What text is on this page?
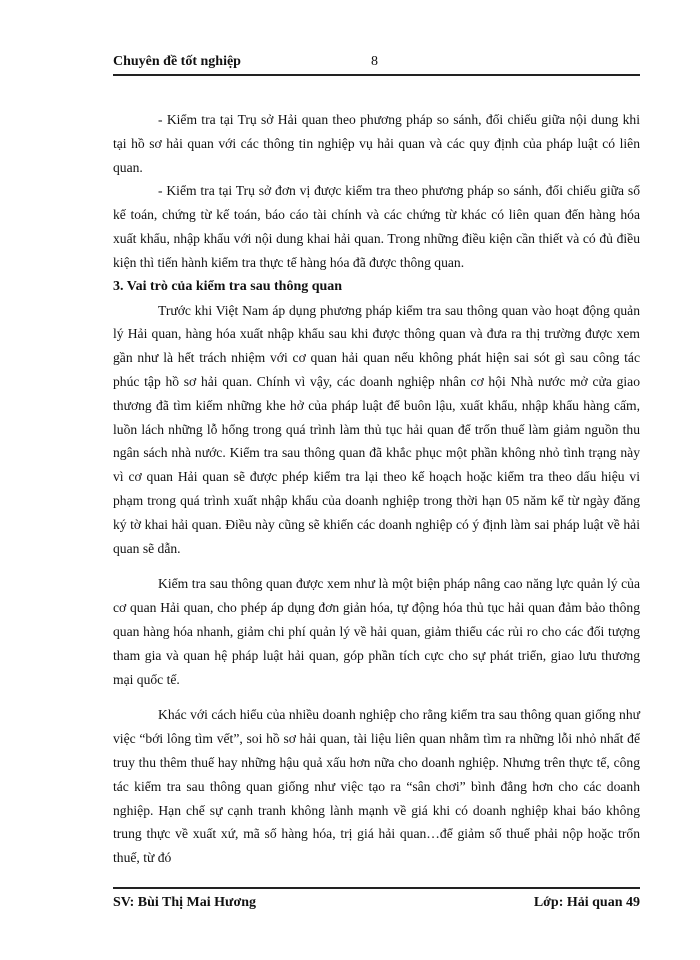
Chuyên đề tốt nghiệp	8

- Kiểm tra tại Trụ sở Hải quan theo phương pháp so sánh, đối chiếu giữa nội dung khi tại hồ sơ hải quan với các thông tin nghiệp vụ hải quan và các quy định của pháp luật có liên quan.

- Kiểm tra tại Trụ sở đơn vị được kiểm tra theo phương pháp so sánh, đối chiếu giữa sổ kế toán, chứng từ kế toán, báo cáo tài chính và các chứng từ khác có liên quan đến hàng hóa xuất khẩu, nhập khẩu với nội dung khai hải quan. Trong những điều kiện cần thiết và có đủ điều kiện thì tiến hành kiểm tra thực tế hàng hóa đã được thông quan.

3. Vai trò của kiểm tra sau thông quan

Trước khi Việt Nam áp dụng phương pháp kiểm tra sau thông quan vào hoạt động quản lý Hải quan, hàng hóa xuất nhập khẩu sau khi được thông quan và đưa ra thị trường được xem gần như là hết trách nhiệm với cơ quan hải quan nếu không phát hiện sai sót gì sau công tác phúc tập hồ sơ hải quan. Chính vì vậy, các doanh nghiệp nhân cơ hội Nhà nước mở cửa giao thương đã tìm kiếm những khe hở của pháp luật để buôn lậu, xuất khẩu, nhập khẩu hàng cấm, luồn lách những lỗ hổng trong quá trình làm thủ tục hải quan để trốn thuế làm giảm nguồn thu ngân sách nhà nước. Kiểm tra sau thông quan đã khắc phục một phần không nhỏ tình trạng này vì cơ quan Hải quan sẽ được phép kiểm tra lại theo kế hoạch hoặc kiểm tra theo dấu hiệu vi phạm trong quá trình xuất nhập khẩu của doanh nghiệp trong thời hạn 05 năm kể từ ngày đăng ký tờ khai hải quan. Điều này cũng sẽ khiến các doanh nghiệp có ý định làm sai pháp luật về hải quan sẽ dẫn.

Kiểm tra sau thông quan được xem như là một biện pháp nâng cao năng lực quản lý của cơ quan Hải quan, cho phép áp dụng đơn giản hóa, tự động hóa thủ tục hải quan đảm bảo thông quan hàng hóa nhanh, giảm chi phí quản lý về hải quan, giảm thiểu các rủi ro cho các đối tượng tham gia và quan hệ pháp luật hải quan, góp phần tích cực cho sự phát triển, giao lưu thương mại quốc tế.

Khác với cách hiểu của nhiều doanh nghiệp cho rằng kiểm tra sau thông quan giống như việc “bới lông tìm vết”, soi hồ sơ hải quan, tài liệu liên quan nhằm tìm ra những lỗi nhỏ nhất để truy thu thêm thuế hay những hậu quả xấu hơn nữa cho doanh nghiệp. Nhưng trên thực tế, công tác kiểm tra sau thông quan giống như việc tạo ra “sân chơi” bình đẳng hơn cho các doanh nghiệp. Hạn chế sự cạnh tranh không lành mạnh về giá khi có doanh nghiệp khai báo không trung thực về xuất xứ, mã số hàng hóa, trị giá hải quan…để giảm số thuế phải nộp hoặc trốn thuế, từ đó

SV: Bùi Thị Mai Hương	Lớp: Hải quan 49
